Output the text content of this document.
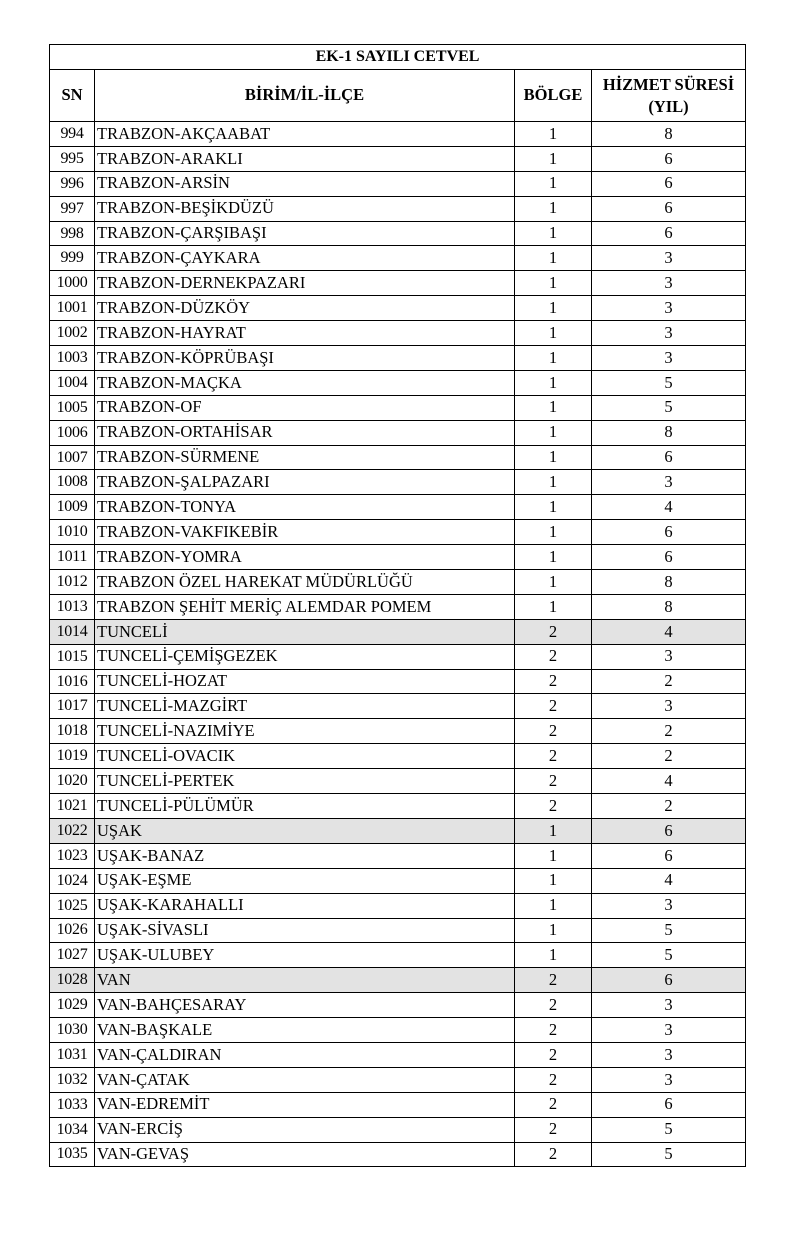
EK-1 SAYILI CETVEL			
SN	BİRİM/İL-İLÇE	BÖLGE	HİZMET SÜRESİ
(YIL)
994	TRABZON-AKÇAABAT	1	8
995	TRABZON-ARAKLI	1	6
996	TRABZON-ARSİN	1	6
997	TRABZON-BEŞİKDÜZÜ	1	6
998	TRABZON-ÇARŞIBAŞI	1	6
999	TRABZON-ÇAYKARA	1	3
1000	TRABZON-DERNEKPAZARI	1	3
1001	TRABZON-DÜZKÖY	1	3
1002	TRABZON-HAYRAT	1	3
1003	TRABZON-KÖPRÜBAŞI	1	3
1004	TRABZON-MAÇKA	1	5
1005	TRABZON-OF	1	5
1006	TRABZON-ORTAHİSAR	1	8
1007	TRABZON-SÜRMENE	1	6
1008	TRABZON-ŞALPAZARI	1	3
1009	TRABZON-TONYA	1	4
1010	TRABZON-VAKFIKEBİR	1	6
1011	TRABZON-YOMRA	1	6
1012	TRABZON ÖZEL HAREKAT MÜDÜRLÜĞÜ	1	8
1013	TRABZON ŞEHİT MERİÇ ALEMDAR POMEM	1	8
1014	TUNCELİ	2	4
1015	TUNCELİ-ÇEMİŞGEZEK	2	3
1016	TUNCELİ-HOZAT	2	2
1017	TUNCELİ-MAZGİRT	2	3
1018	TUNCELİ-NAZIMİYE	2	2
1019	TUNCELİ-OVACIK	2	2
1020	TUNCELİ-PERTEK	2	4
1021	TUNCELİ-PÜLÜMÜR	2	2
1022	UŞAK	1	6
1023	UŞAK-BANAZ	1	6
1024	UŞAK-EŞME	1	4
1025	UŞAK-KARAHALLI	1	3
1026	UŞAK-SİVASLI	1	5
1027	UŞAK-ULUBEY	1	5
1028	VAN	2	6
1029	VAN-BAHÇESARAY	2	3
1030	VAN-BAŞKALE	2	3
1031	VAN-ÇALDIRAN	2	3
1032	VAN-ÇATAK	2	3
1033	VAN-EDREMİT	2	6
1034	VAN-ERCİŞ	2	5
1035	VAN-GEVAŞ	2	5
